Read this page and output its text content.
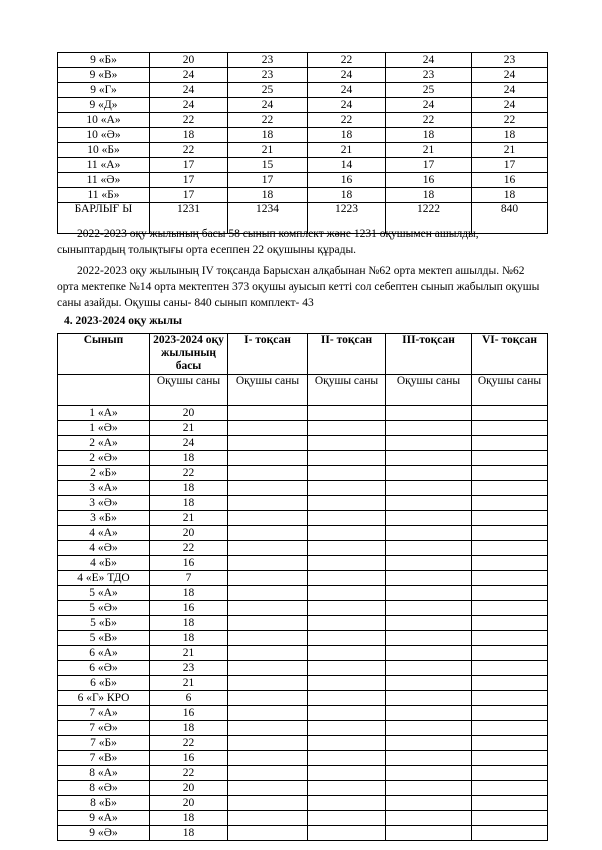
9 «Б»	20	23	22	24	23
9 «В»	24	23	24	23	24
9 «Г»	24	25	24	25	24
9 «Д»	24	24	24	24	24
10 «А»	22	22	22	22	22
10 «Ә»	18	18	18	18	18
10 «Б»	22	21	21	21	21
11 «А»	17	15	14	17	17
11 «Ә»	17	17	16	16	16
11 «Б»	17	18	18	18	18
БАРЛЫҒ Ы	1231	1234	1223	1222	840
2022-2023 оқу жылының басы 58 сынып комплект және 1231 оқушымен ашылды, сыныптардың толықтығы орта есеппен 22 оқушыны құрады.
2022-2023 оқу жылының IV тоқсанда Барысхан алқабынан №62 орта мектеп ашылды. №62 орта мектепке №14 орта мектептен 373 оқушы ауысып кетті сол себептен сынып жабылып оқушы саны азайды. Оқушы саны- 840 сынып комплект- 43
4. 2023-2024 оқу жылы
Сынып	2023-2024 оқу жылының басы	I- тоқсан	II- тоқсан	III-тоқсан	VI- тоқсан
	Оқушы саны	Оқушы саны	Оқушы саны	Оқушы саны	Оқушы саны
1 «А»	20				
1 «Ә»	21				
2 «А»	24				
2 «Ә»	18				
2 «Б»	22				
3 «А»	18				
3 «Ә»	18				
3 «Б»	21				
4 «А»	20				
4 «Ә»	22				
4 «Б»	16				
4 «Е» ТДО	7				
5 «А»	18				
5 «Ә»	16				
5 «Б»	18				
5 «В»	18				
6 «А»	21				
6 «Ә»	23				
6 «Б»	21				
6 «Г» КРО	6				
7 «А»	16				
7 «Ә»	18				
7 «Б»	22				
7 «В»	16				
8 «А»	22				
8 «Ә»	20				
8 «Б»	20				
9 «А»	18				
9 «Ә»	18				
